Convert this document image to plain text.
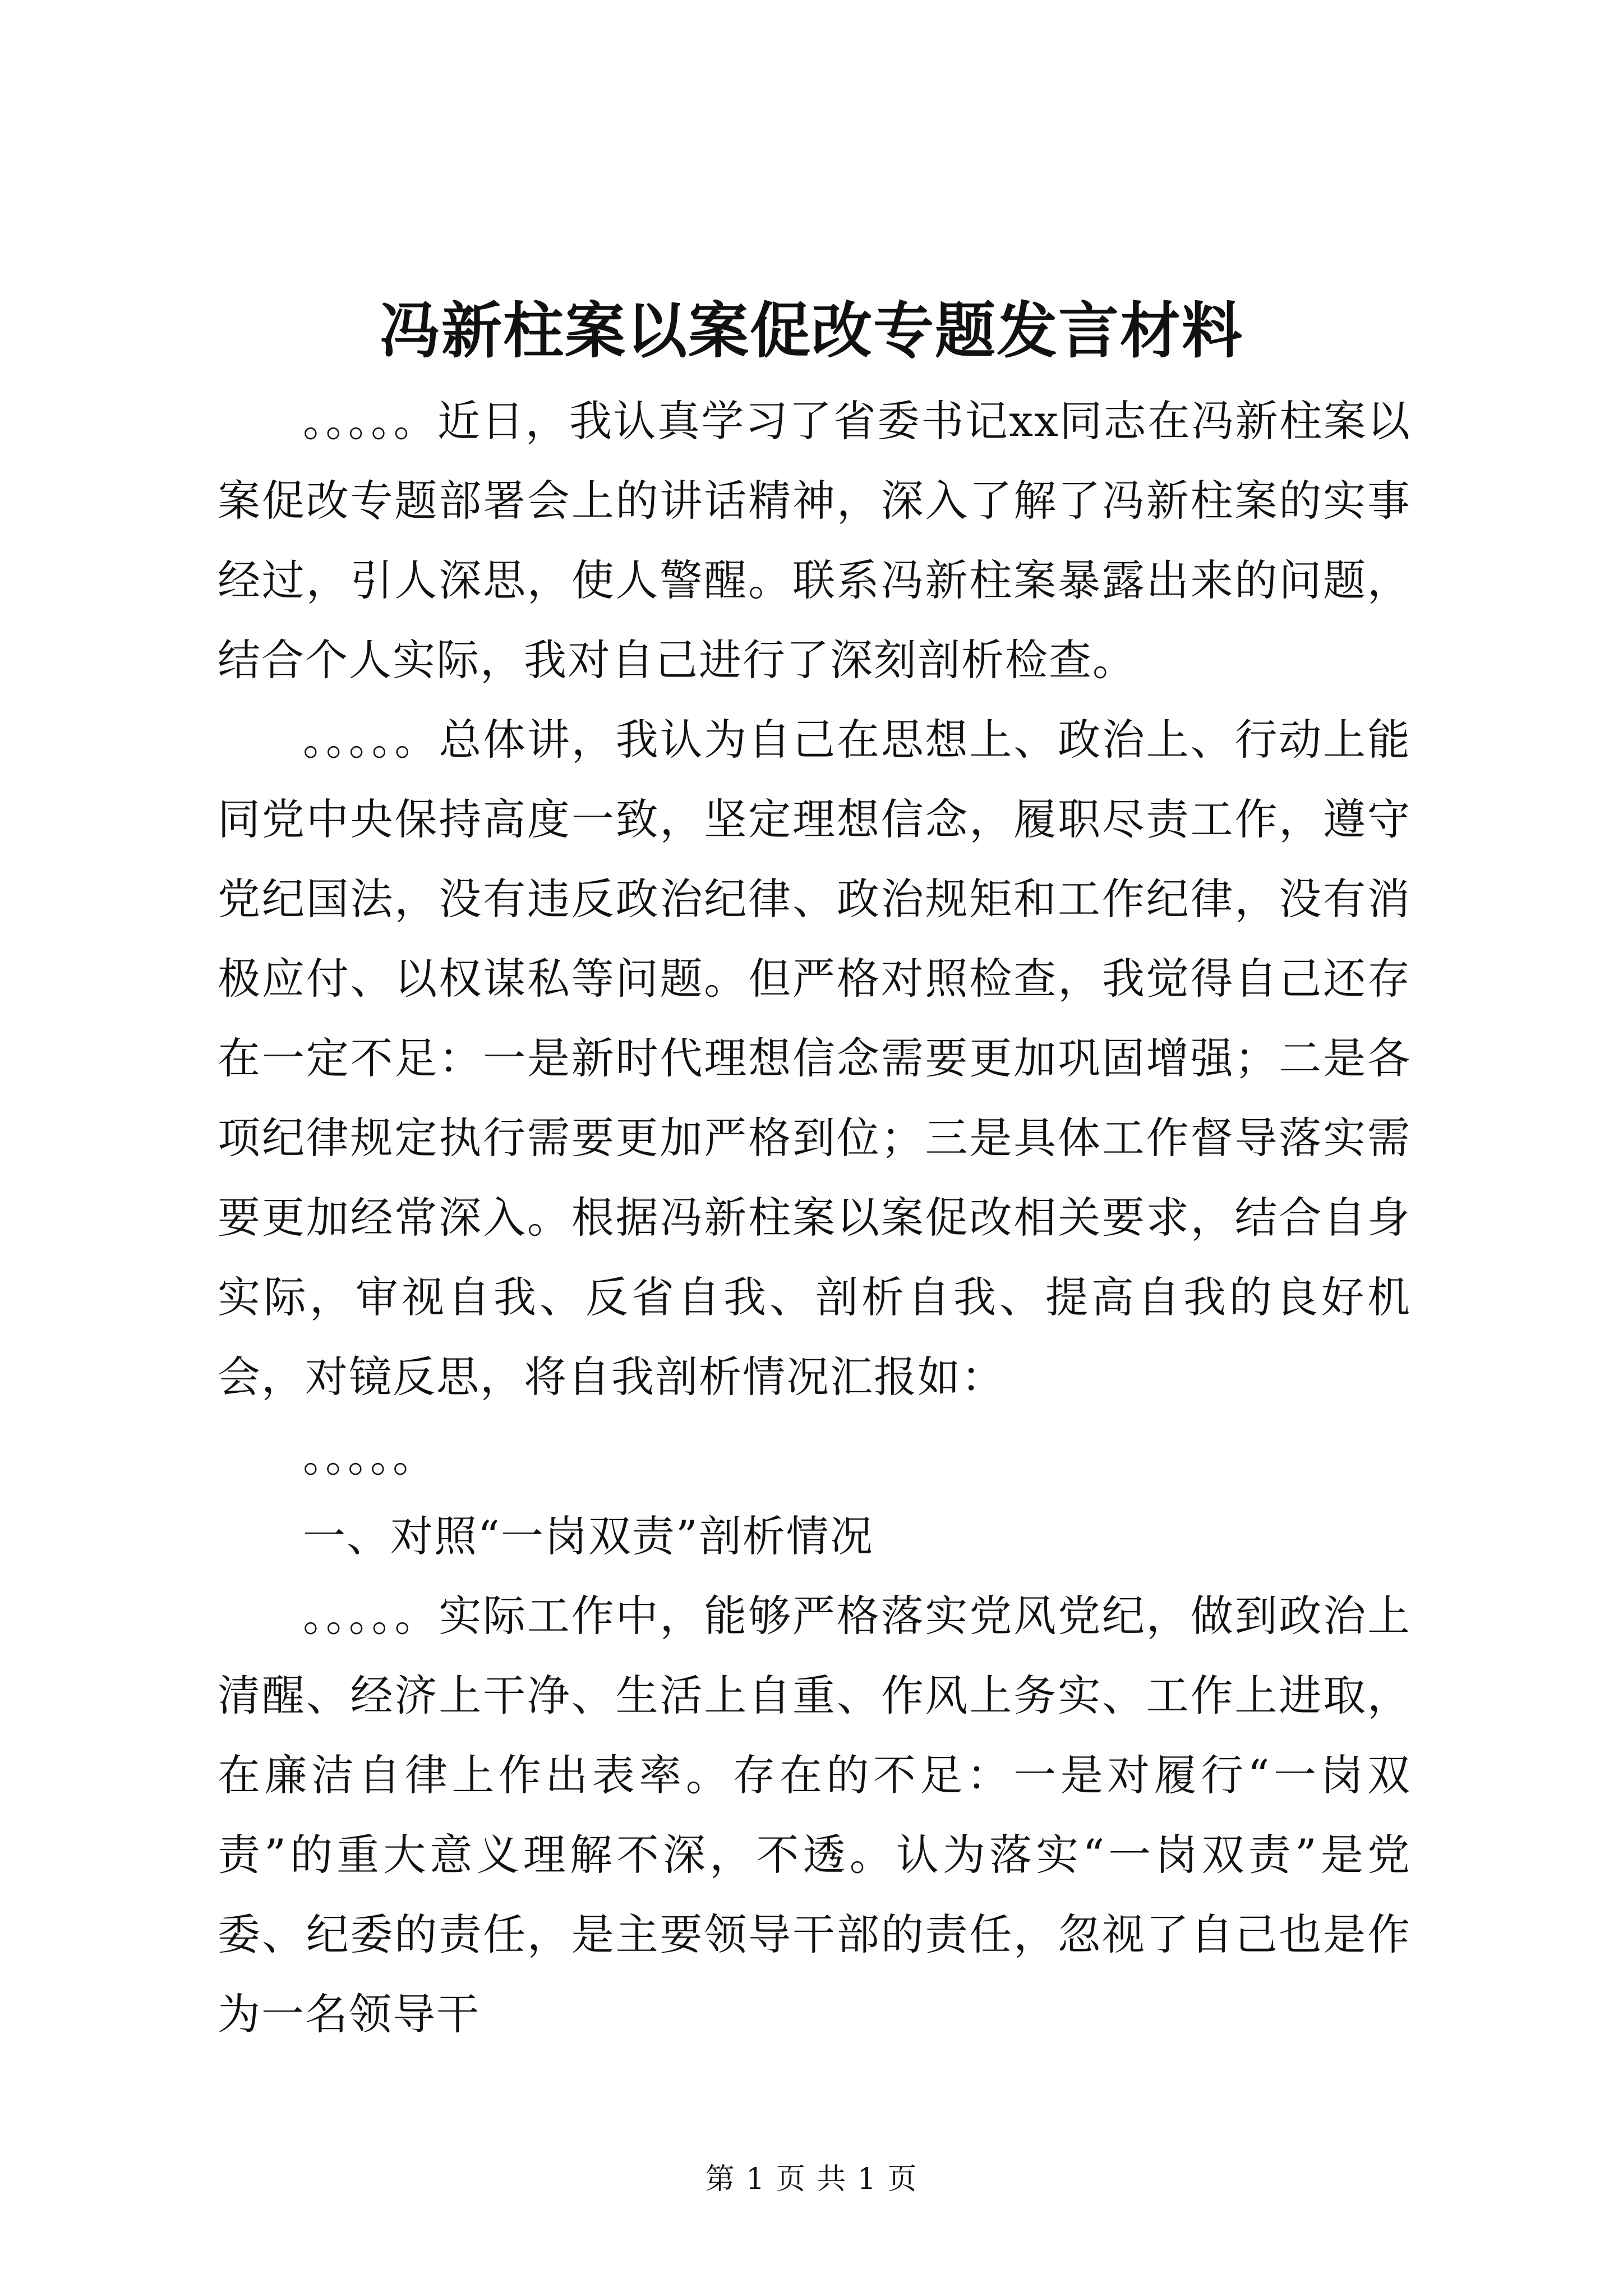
冯新柱案以案促改专题发言材料

。。。。。近日，我认真学习了省委书记xx同志在冯新柱案以案促改专题部署会上的讲话精神，深入了解了冯新柱案的实事经过，引人深思，使人警醒。联系冯新柱案暴露出来的问题，结合个人实际，我对自己进行了深刻剖析检查。

。。。。。总体讲，我认为自己在思想上、政治上、行动上能同党中央保持高度一致，坚定理想信念，履职尽责工作，遵守党纪国法，没有违反政治纪律、政治规矩和工作纪律，没有消极应付、以权谋私等问题。但严格对照检查，我觉得自己还存在一定不足：一是新时代理想信念需要更加巩固增强；二是各项纪律规定执行需要更加严格到位；三是具体工作督导落实需要更加经常深入。根据冯新柱案以案促改相关要求，结合自身实际，审视自我、反省自我、剖析自我、提高自我的良好机会，对镜反思，将自我剖析情况汇报如：

。。。。。

一、对照“一岗双责”剖析情况

。。。。。实际工作中，能够严格落实党风党纪，做到政治上清醒、经济上干净、生活上自重、作风上务实、工作上进取，在廉洁自律上作出表率。存在的不足：一是对履行“一岗双责”的重大意义理解不深，不透。认为落实“一岗双责”是党委、纪委的责任，是主要领导干部的责任，忽视了自己也是作为一名领导干

第 1 页 共 1 页
